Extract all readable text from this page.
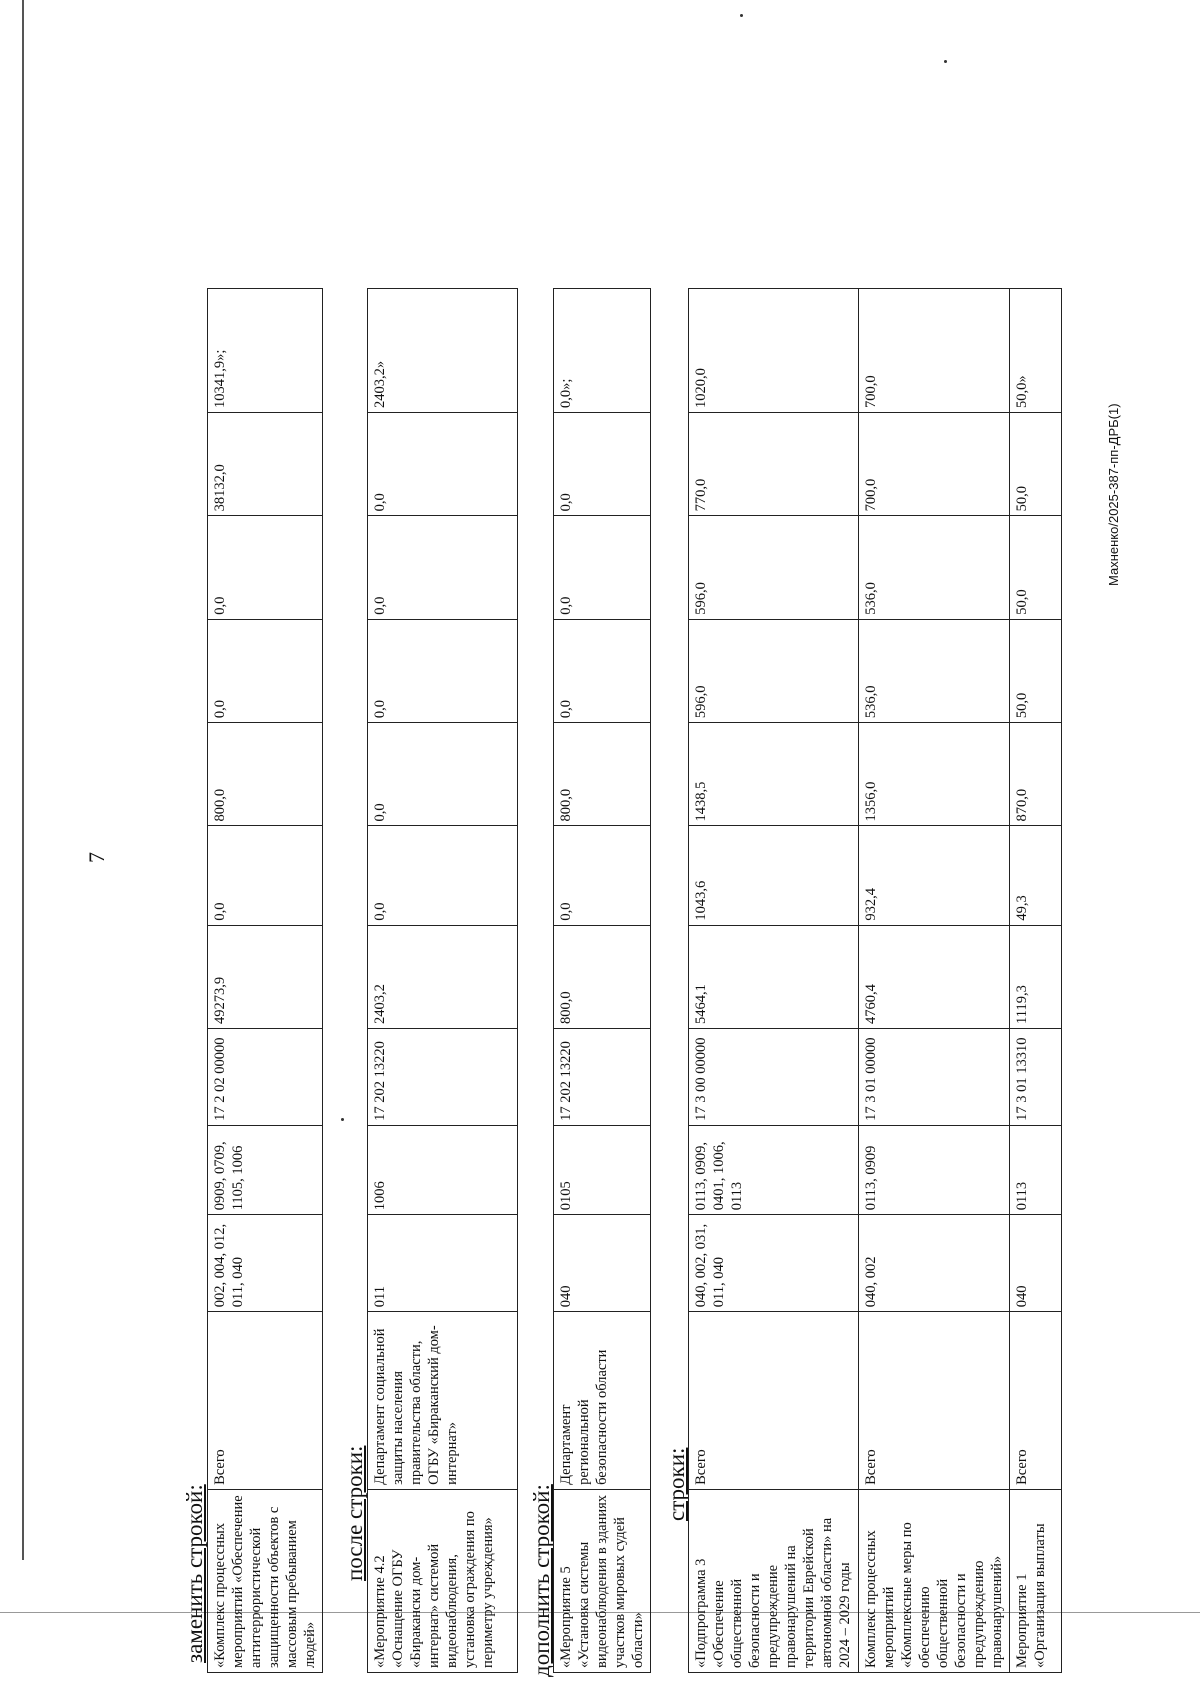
7
заменить строкой: «Комплекс процессных мероприятий «Обеспечение антитеррористической защищенности объектов с массовым пребыванием людей»	Всего	002, 004, 012, 011, 040	0909, 0709, 1105, 1006	17 2 02 00000	49273,9	0,0	800,0	0,0	0,0	38132,0	10341,9»;
после строки:
«Мероприятие 4.2 «Оснащение ОГБУ «Биракански дом-интернат» системой видеонаблюдения, установка ограждения по периметру учреждения»	Департамент социальной защиты населения правительства области, ОГБУ «Бираканский дом-интернат»	011	1006	17 202 13220	2403,2	0,0	0,0	0,0	0,0	0,0	2403,2»
дополнить строкой: «Мероприятие 5 «Установка системы видеонаблюдения в зданиях участков мировых судей области»	Департамент региональной безопасности области	040	0105	17 202 13220	800,0	0,0	800,0	0,0	0,0	0,0	0,0»;
строки:
«Подпрограмма 3 «Обеспечение общественной безопасности и предупреждение правонарушений на территории Еврейской автономной области» на 2024 – 2029 годы	Всего	040, 002, 031, 011, 040	0113, 0909, 0401, 1006, 0113	17 3 00 00000	5464,1	1043,6	1438,5	596,0	596,0	770,0	1020,0
Комплекс процессных мероприятий «Комплексные меры по обеспечению общественной безопасности и предупреждению правонарушений»	Всего	040, 002	0113, 0909	17 3 01 00000	4760,4	932,4	1356,0	536,0	536,0	700,0	700,0
Мероприятие 1 «Организация выплаты	Всего	040	0113	17 3 01 13310	1119,3	49,3	870,0	50,0	50,0	50,0	50,0»
Махненко/2025-387-пп-ДРБ(1)
